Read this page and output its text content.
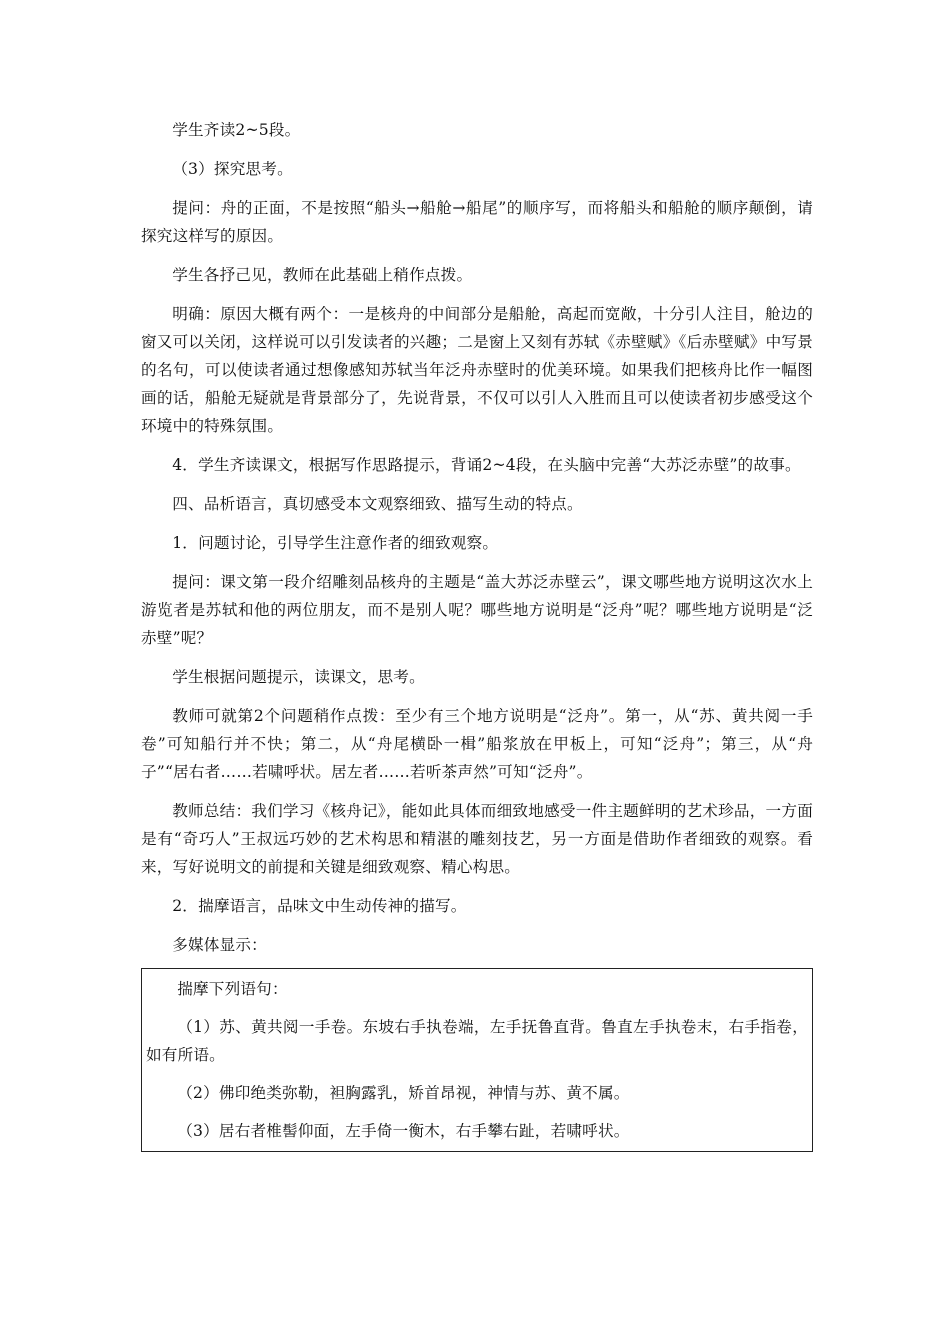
学生齐读2~5段。

（3）探究思考。

提问：舟的正面，不是按照“船头→船舱→船尾”的顺序写，而将船头和船舱的顺序颠倒，请探究这样写的原因。

学生各抒己见，教师在此基础上稍作点拨。

明确：原因大概有两个：一是核舟的中间部分是船舱，高起而宽敞，十分引人注目，舱边的窗又可以关闭，这样说可以引发读者的兴趣；二是窗上又刻有苏轼《赤壁赋》《后赤壁赋》中写景的名句，可以使读者通过想像感知苏轼当年泛舟赤壁时的优美环境。如果我们把核舟比作一幅图画的话，船舱无疑就是背景部分了，先说背景，不仅可以引人入胜而且可以使读者初步感受这个环境中的特殊氛围。

4．学生齐读课文，根据写作思路提示，背诵2~4段，在头脑中完善“大苏泛赤壁”的故事。

四、品析语言，真切感受本文观察细致、描写生动的特点。

1．问题讨论，引导学生注意作者的细致观察。

提问：课文第一段介绍雕刻品核舟的主题是“盖大苏泛赤壁云”，课文哪些地方说明这次水上游览者是苏轼和他的两位朋友，而不是别人呢？哪些地方说明是“泛舟”呢？哪些地方说明是“泛赤壁”呢？

学生根据问题提示，读课文，思考。

教师可就第2个问题稍作点拨：至少有三个地方说明是“泛舟”。第一，从“苏、黄共阅一手卷”可知船行并不快；第二，从“舟尾横卧一楫”船浆放在甲板上，可知“泛舟”；第三，从“舟子”“居右者……若啸呼状。居左者……若听茶声然”可知“泛舟”。

教师总结：我们学习《核舟记》，能如此具体而细致地感受一件主题鲜明的艺术珍品，一方面是有“奇巧人”王叔远巧妙的艺术构思和精湛的雕刻技艺，另一方面是借助作者细致的观察。看来，写好说明文的前提和关键是细致观察、精心构思。

2．揣摩语言，品味文中生动传神的描写。

多媒体显示：

揣摩下列语句：

（1）苏、黄共阅一手卷。东坡右手执卷端，左手抚鲁直背。鲁直左手执卷末，右手指卷，如有所语。

（2）佛印绝类弥勒，袒胸露乳，矫首昂视，神情与苏、黄不属。

（3）居右者椎髻仰面，左手倚一衡木，右手攀右趾，若啸呼状。
